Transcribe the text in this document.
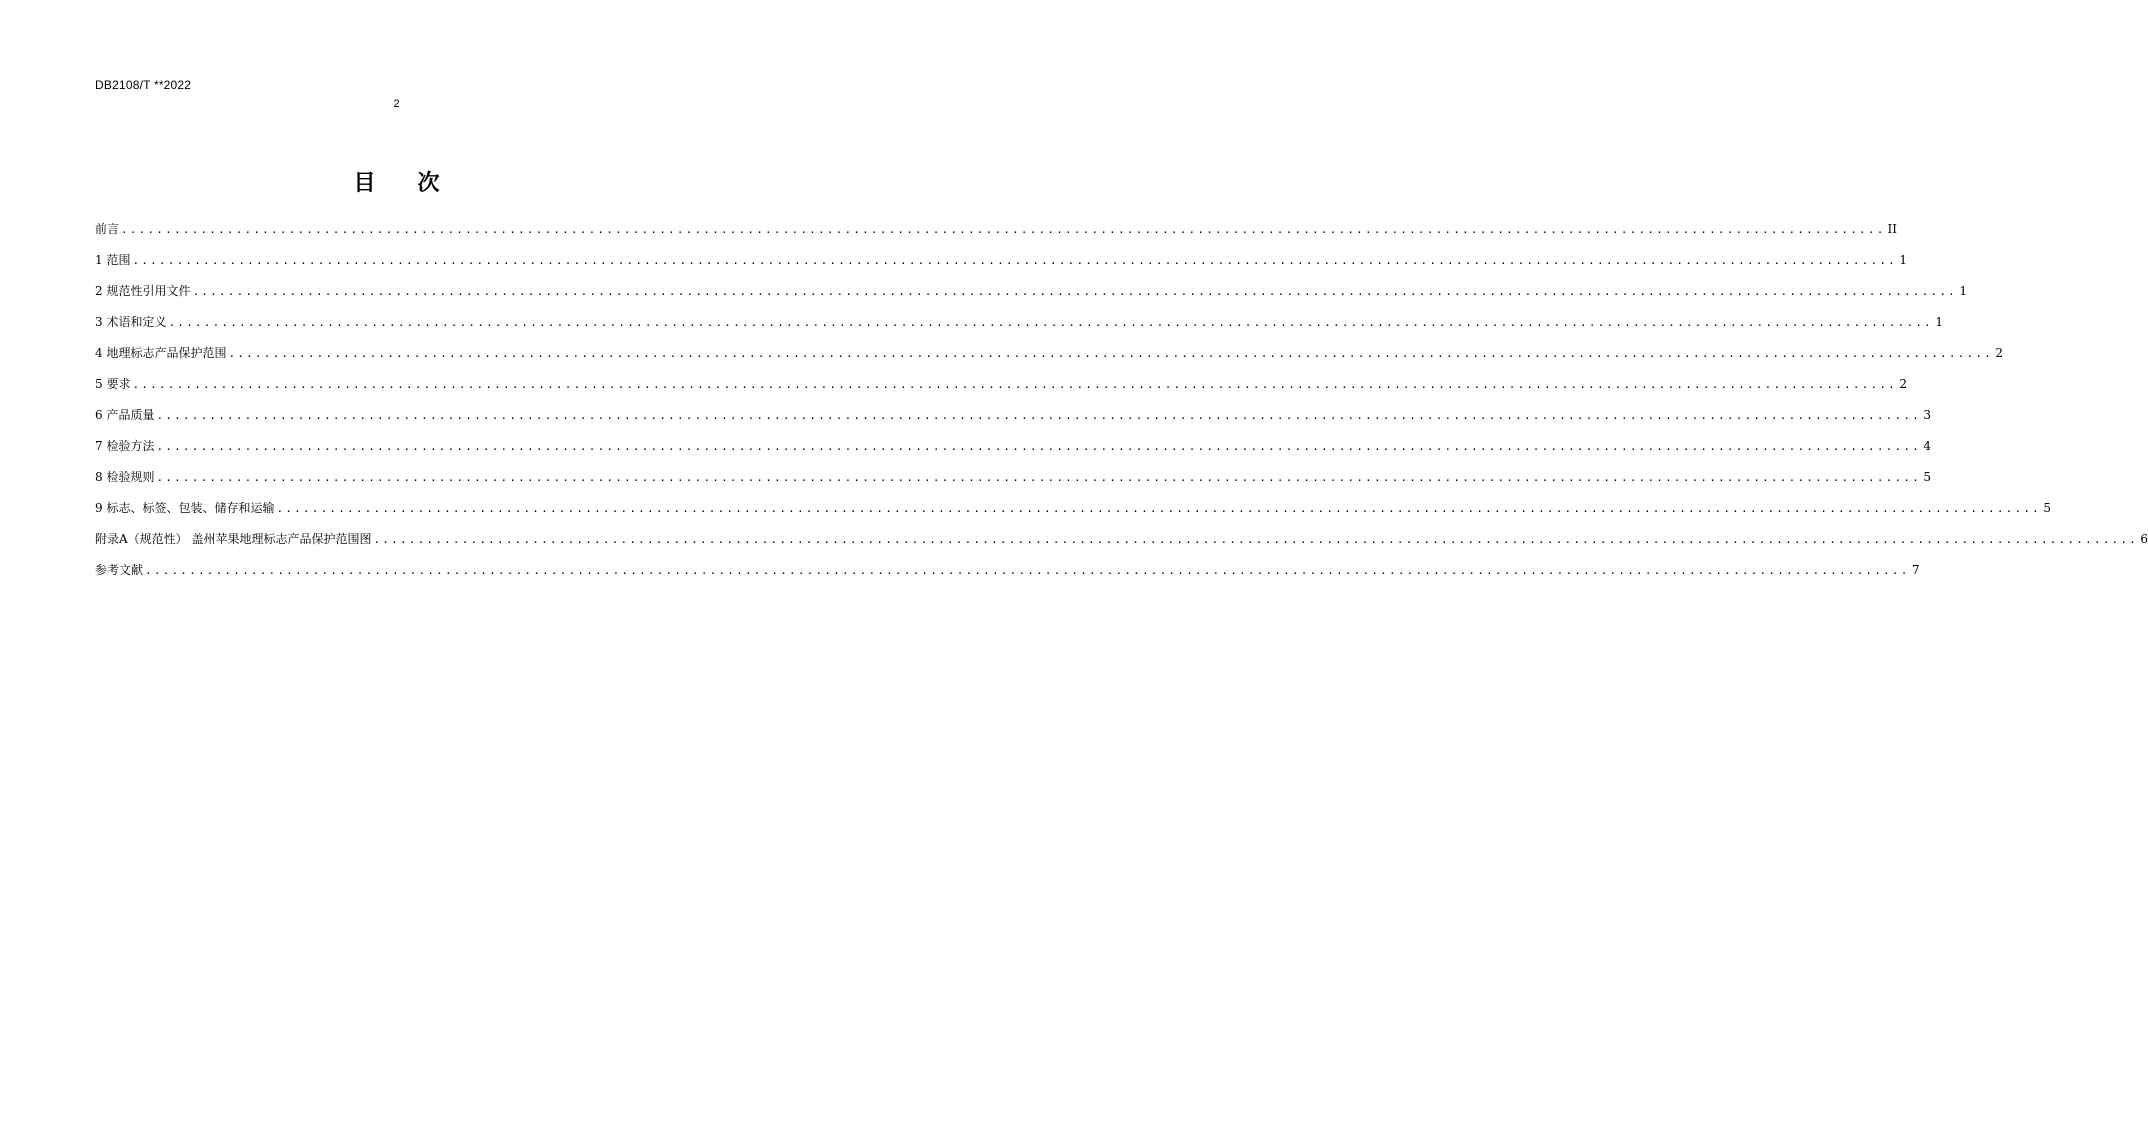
DB2108/T **2022
2
目次
前言 ........................................................................................................................................................................................................ II
1 范围 ........................................................................................................................................................................................................ 1
2 规范性引用文件 ........................................................................................................................................................................................................ 1
3 术语和定义 ........................................................................................................................................................................................................ 1
4 地理标志产品保护范围 ........................................................................................................................................................................................................ 2
5 要求 ........................................................................................................................................................................................................ 2
6 产品质量 ........................................................................................................................................................................................................ 3
7 检验方法 ........................................................................................................................................................................................................ 4
8 检验规则 ........................................................................................................................................................................................................ 5
9 标志、标签、包装、储存和运输 ........................................................................................................................................................................................................ 5
附录A（规范性） 盖州苹果地理标志产品保护范围图 ........................................................................................................................................................................................................ 6
参考文献 ........................................................................................................................................................................................................ 7
